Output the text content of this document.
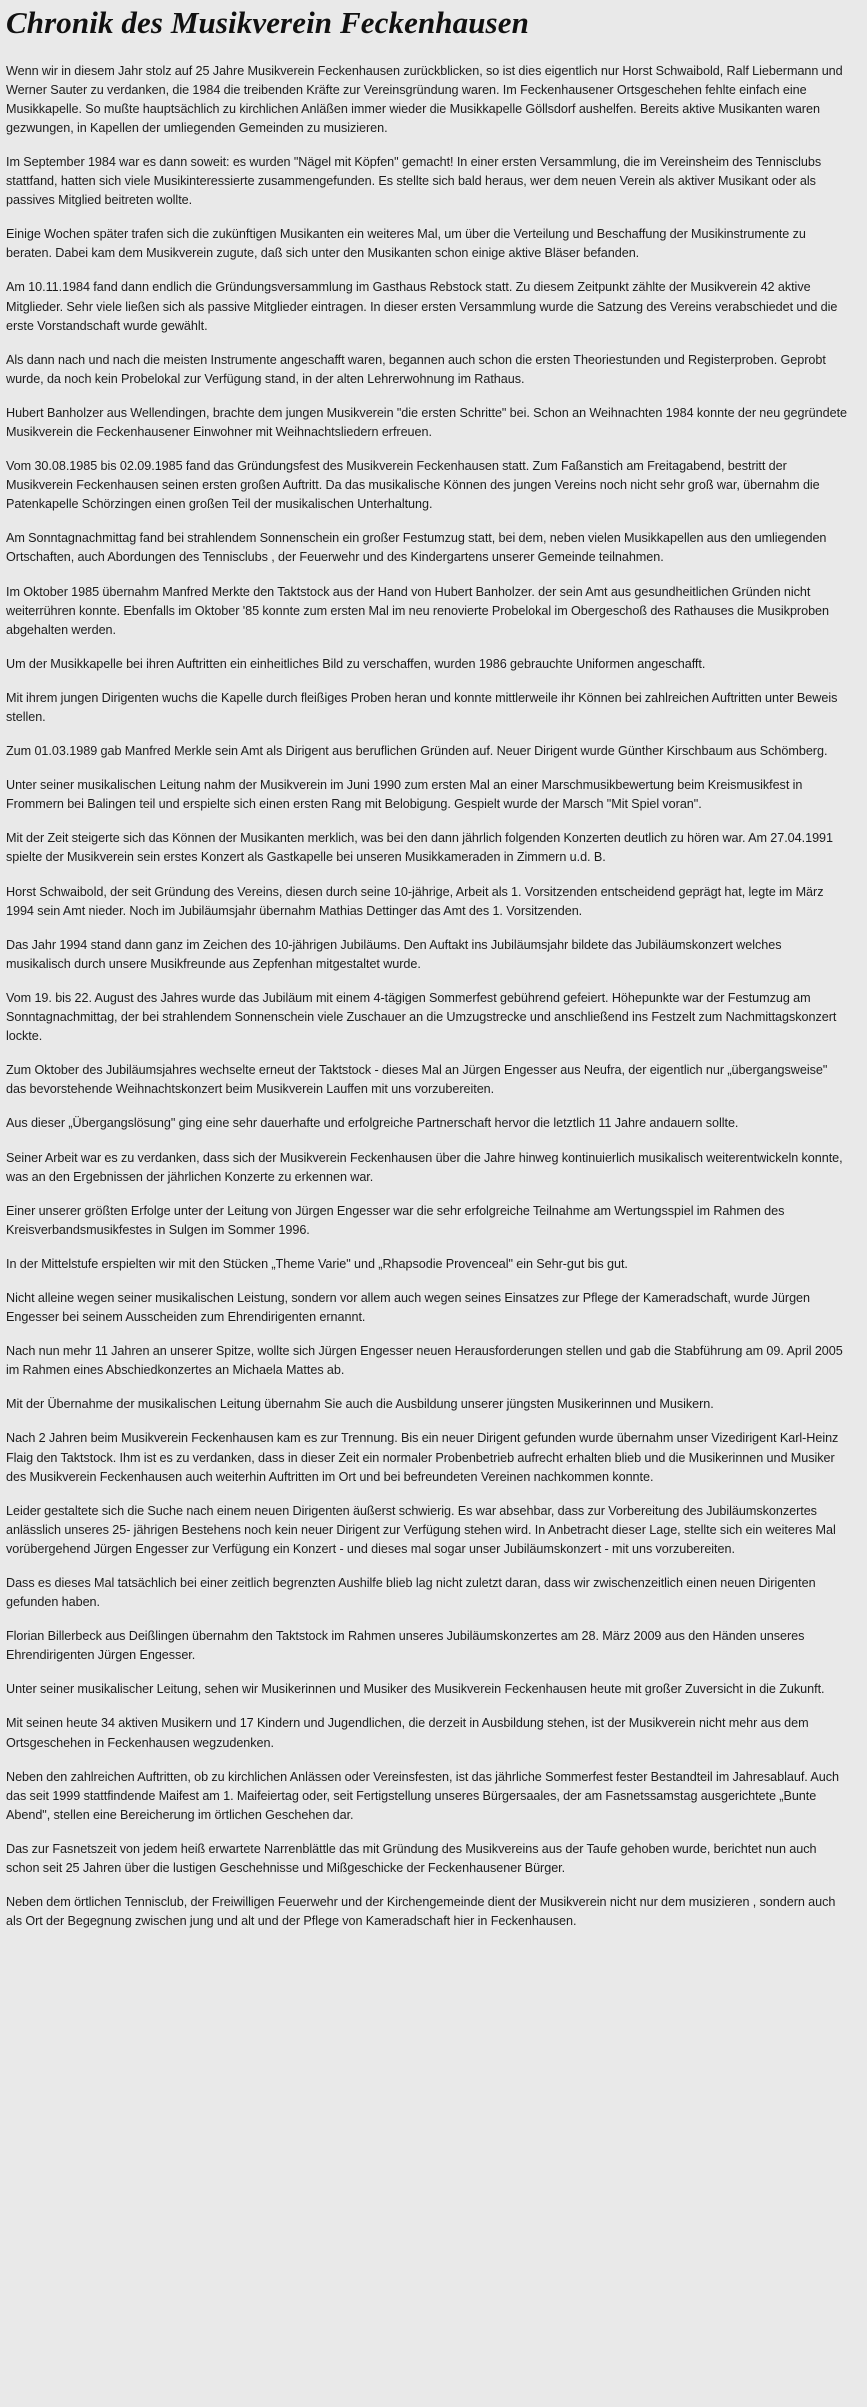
Chronik des Musikverein Feckenhausen

Wenn wir in diesem Jahr stolz auf 25 Jahre Musikverein Feckenhausen zurückblicken, so ist dies eigentlich nur Horst Schwaibold, Ralf Liebermann und Werner Sauter zu verdanken, die 1984 die treibenden Kräfte zur Vereinsgründung waren. Im Feckenhausener Ortsgeschehen fehlte einfach eine Musikkapelle. So mußte hauptsächlich zu kirchlichen Anläßen immer wieder die Musikkapelle Göllsdorf aushelfen. Bereits aktive Musikanten waren gezwungen, in Kapellen der umliegenden Gemeinden zu musizieren.

Im September 1984 war es dann soweit: es wurden "Nägel mit Köpfen" gemacht! In einer ersten Versammlung, die im Vereinsheim des Tennisclubs stattfand, hatten sich viele Musikinteressierte zusammengefunden. Es stellte sich bald heraus, wer dem neuen Verein als aktiver Musikant oder als passives Mitglied beitreten wollte.

Einige Wochen später trafen sich die zukünftigen Musikanten ein weiteres Mal, um über die Verteilung und Beschaffung der Musikinstrumente zu beraten. Dabei kam dem Musikverein zugute, daß sich unter den Musikanten schon einige aktive Bläser befanden.

Am 10.11.1984 fand dann endlich die Gründungsversammlung im Gasthaus Rebstock statt. Zu diesem Zeitpunkt zählte der Musikverein 42 aktive Mitglieder. Sehr viele ließen sich als passive Mitglieder eintragen. In dieser ersten Versammlung wurde die Satzung des Vereins verabschiedet und die erste Vorstandschaft wurde gewählt.

Als dann nach und nach die meisten Instrumente angeschafft waren, begannen auch schon die ersten Theoriestunden und Registerproben. Geprobt wurde, da noch kein Probelokal zur Verfügung stand, in der alten Lehrerwohnung im Rathaus.

Hubert Banholzer aus Wellendingen, brachte dem jungen Musikverein "die ersten Schritte" bei. Schon an Weihnachten 1984 konnte der neu gegründete Musikverein die Feckenhausener Einwohner mit Weihnachtsliedern erfreuen.

Vom 30.08.1985 bis 02.09.1985 fand das Gründungsfest des Musikverein Feckenhausen statt. Zum Faßanstich am Freitagabend, bestritt der Musikverein Feckenhausen seinen ersten großen Auftritt. Da das musikalische Können des jungen Vereins noch nicht sehr groß war, übernahm die Patenkapelle Schörzingen einen großen Teil der musikalischen Unterhaltung.

Am Sonntagnachmittag fand bei strahlendem Sonnenschein ein großer Festumzug statt, bei dem, neben vielen Musikkapellen aus den umliegenden Ortschaften, auch Abordungen des Tennisclubs , der Feuerwehr und des Kindergartens unserer Gemeinde teilnahmen.

Im Oktober 1985 übernahm Manfred Merkte den Taktstock aus der Hand von Hubert Banholzer. der sein Amt aus gesundheitlichen Gründen nicht weiterrühren konnte. Ebenfalls im Oktober '85 konnte zum ersten Mal im neu renovierte Probelokal im Obergeschoß des Rathauses die Musikproben abgehalten werden.

Um der Musikkapelle bei ihren Auftritten ein einheitliches Bild zu verschaffen, wurden 1986 gebrauchte Uniformen angeschafft.

Mit ihrem jungen Dirigenten wuchs die Kapelle durch fleißiges Proben heran und konnte mittlerweile ihr Können bei zahlreichen Auftritten unter Beweis stellen.

Zum 01.03.1989 gab Manfred Merkle sein Amt als Dirigent aus beruflichen Gründen auf. Neuer Dirigent wurde Günther Kirschbaum aus Schömberg.

Unter seiner musikalischen Leitung nahm der Musikverein im Juni 1990 zum ersten Mal an einer Marschmusikbewertung beim Kreismusikfest in Frommern bei Balingen teil und erspielte sich einen ersten Rang mit Belobigung. Gespielt wurde der Marsch "Mit Spiel voran".

Mit der Zeit steigerte sich das Können der Musikanten merklich, was bei den dann jährlich folgenden Konzerten deutlich zu hören war. Am 27.04.1991 spielte der Musikverein sein erstes Konzert als Gastkapelle bei unseren Musikkameraden in Zimmern u.d. B.

Horst Schwaibold, der seit Gründung des Vereins, diesen durch seine 10-jährige, Arbeit als 1. Vorsitzenden entscheidend geprägt hat, legte im März 1994 sein Amt nieder. Noch im Jubiläumsjahr übernahm Mathias Dettinger das Amt des 1. Vorsitzenden.

Das Jahr 1994 stand dann ganz im Zeichen des 10-jährigen Jubiläums. Den Auftakt ins Jubiläumsjahr bildete das Jubiläumskonzert welches musikalisch durch unsere Musikfreunde aus Zepfenhan mitgestaltet wurde.

Vom 19. bis 22. August des Jahres wurde das Jubiläum mit einem 4-tägigen Sommerfest gebührend gefeiert. Höhepunkte war der Festumzug am Sonntagnachmittag, der bei strahlendem Sonnenschein viele Zuschauer an die Umzugstrecke und anschließend ins Festzelt zum Nachmittagskonzert lockte.

Zum Oktober des Jubiläumsjahres wechselte erneut der Taktstock - dieses Mal an Jürgen Engesser aus Neufra, der eigentlich nur „übergangsweise" das bevorstehende Weihnachtskonzert beim Musikverein Lauffen mit uns vorzubereiten.

Aus dieser „Übergangslösung" ging eine sehr dauerhafte und erfolgreiche Partnerschaft hervor die letztlich 11 Jahre andauern sollte.

Seiner Arbeit war es zu verdanken, dass sich der Musikverein Feckenhausen über die Jahre hinweg kontinuierlich musikalisch weiterentwickeln konnte, was an den Ergebnissen der jährlichen Konzerte zu erkennen war.

Einer unserer größten Erfolge unter der Leitung von Jürgen Engesser war die sehr erfolgreiche Teilnahme am Wertungsspiel im Rahmen des Kreisverbandsmusikfestes in Sulgen im Sommer 1996.

In der Mittelstufe erspielten wir mit den Stücken „Theme Varie" und „Rhapsodie Provenceal" ein Sehr-gut bis gut.

Nicht alleine wegen seiner musikalischen Leistung, sondern vor allem auch wegen seines Einsatzes zur Pflege der Kameradschaft, wurde Jürgen Engesser bei seinem Ausscheiden zum Ehrendirigenten ernannt.

Nach nun mehr 11 Jahren an unserer Spitze, wollte sich Jürgen Engesser neuen Herausforderungen stellen und gab die Stabführung am 09. April 2005 im Rahmen eines Abschiedkonzertes an Michaela Mattes ab.

Mit der Übernahme der musikalischen Leitung übernahm Sie auch die Ausbildung unserer jüngsten Musikerinnen und Musikern.

Nach 2 Jahren beim Musikverein Feckenhausen kam es zur Trennung. Bis ein neuer Dirigent gefunden wurde übernahm unser Vizedirigent Karl-Heinz Flaig den Taktstock. Ihm ist es zu verdanken, dass in dieser Zeit ein normaler Probenbetrieb aufrecht erhalten blieb und die Musikerinnen und Musiker des Musikverein Feckenhausen auch weiterhin Auftritten im Ort und bei befreundeten Vereinen nachkommen konnte.

Leider gestaltete sich die Suche nach einem neuen Dirigenten äußerst schwierig. Es war absehbar, dass zur Vorbereitung des Jubiläumskonzertes anlässlich unseres 25- jährigen Bestehens noch kein neuer Dirigent zur Verfügung stehen wird. In Anbetracht dieser Lage, stellte sich ein weiteres Mal vorübergehend Jürgen Engesser zur Verfügung ein Konzert - und dieses mal sogar unser Jubiläumskonzert - mit uns vorzubereiten.

Dass es dieses Mal tatsächlich bei einer zeitlich begrenzten Aushilfe blieb lag nicht zuletzt daran, dass wir zwischenzeitlich einen neuen Dirigenten gefunden haben.

Florian Billerbeck aus Deißlingen übernahm den Taktstock im Rahmen unseres Jubiläumskonzertes am 28. März 2009 aus den Händen unseres Ehrendirigenten Jürgen Engesser.

Unter seiner musikalischer Leitung, sehen wir Musikerinnen und Musiker des Musikverein Feckenhausen heute mit großer Zuversicht in die Zukunft.

Mit seinen heute 34 aktiven Musikern und 17 Kindern und Jugendlichen, die derzeit in Ausbildung stehen, ist der Musikverein nicht mehr aus dem Ortsgeschehen in Feckenhausen wegzudenken.

Neben den zahlreichen Auftritten, ob zu kirchlichen Anlässen oder Vereinsfesten, ist das jährliche Sommerfest fester Bestandteil im Jahresablauf. Auch das seit 1999 stattfindende Maifest am 1. Maifeiertag oder, seit Fertigstellung unseres Bürgersaales, der am Fasnetssamstag ausgerichtete „Bunte Abend", stellen eine Bereicherung im örtlichen Geschehen dar.

Das zur Fasnetszeit von jedem heiß erwartete Narrenblättle das mit Gründung des Musikvereins aus der Taufe gehoben wurde, berichtet nun auch schon seit 25 Jahren über die lustigen Geschehnisse und Mißgeschicke der Feckenhausener Bürger.

Neben dem örtlichen Tennisclub, der Freiwilligen Feuerwehr und der Kirchengemeinde dient der Musikverein nicht nur dem musizieren , sondern auch als Ort der Begegnung zwischen jung und alt und der Pflege von Kameradschaft hier in Feckenhausen.
